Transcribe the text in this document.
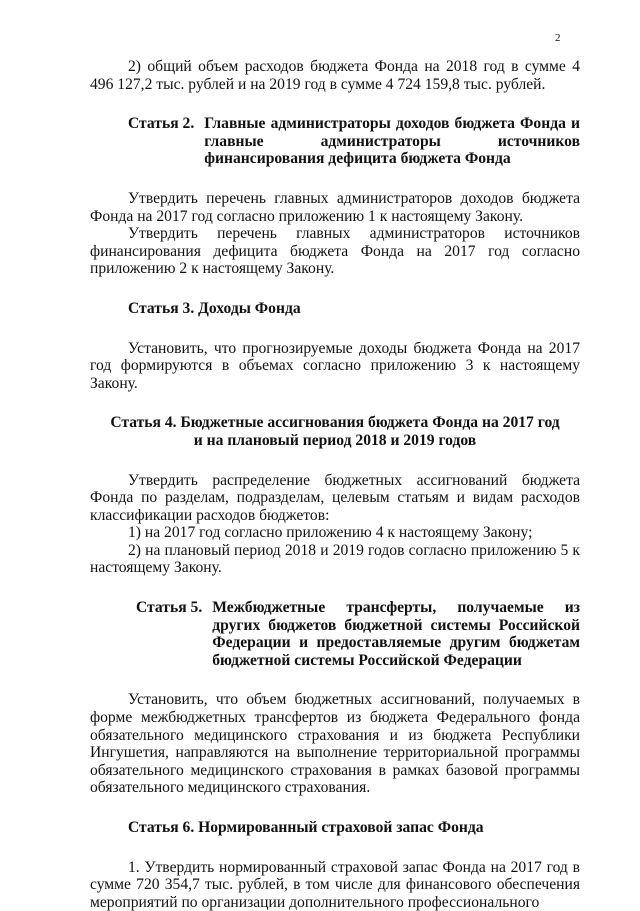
2

2) общий объем расходов бюджета Фонда на 2018 год в сумме 4 496 127,2 тыс. рублей и на 2019 год в сумме 4 724 159,8 тыс. рублей.

Статья 2. Главные администраторы доходов бюджета Фонда и главные администраторы источников финансирования дефицита бюджета Фонда

Утвердить перечень главных администраторов доходов бюджета Фонда на 2017 год согласно приложению 1 к настоящему Закону.

Утвердить перечень главных администраторов источников финансирования дефицита бюджета Фонда на 2017 год согласно приложению 2 к настоящему Закону.

Статья 3. Доходы Фонда

Установить, что прогнозируемые доходы бюджета Фонда на 2017 год формируются в объемах согласно приложению 3 к настоящему Закону.

Статья 4. Бюджетные ассигнования бюджета Фонда на 2017 год
и на плановый период 2018 и 2019 годов

Утвердить распределение бюджетных ассигнований бюджета Фонда по разделам, подразделам, целевым статьям и видам расходов классификации расходов бюджетов:

1) на 2017 год согласно приложению 4 к настоящему Закону;

2) на плановый период 2018 и 2019 годов согласно приложению 5 к настоящему Закону.

Статья 5. Межбюджетные трансферты, получаемые из других бюджетов бюджетной системы Российской Федерации и предоставляемые другим бюджетам бюджетной системы Российской Федерации

Установить, что объем бюджетных ассигнований, получаемых в форме межбюджетных трансфертов из бюджета Федерального фонда обязательного медицинского страхования и из бюджета Республики Ингушетия, направляются на выполнение территориальной программы обязательного медицинского страхования в рамках базовой программы обязательного медицинского страхования.

Статья 6. Нормированный страховой запас Фонда

1. Утвердить нормированный страховой запас Фонда на 2017 год в сумме 720 354,7 тыс. рублей, в том числе для финансового обеспечения мероприятий по организации дополнительного профессионального
